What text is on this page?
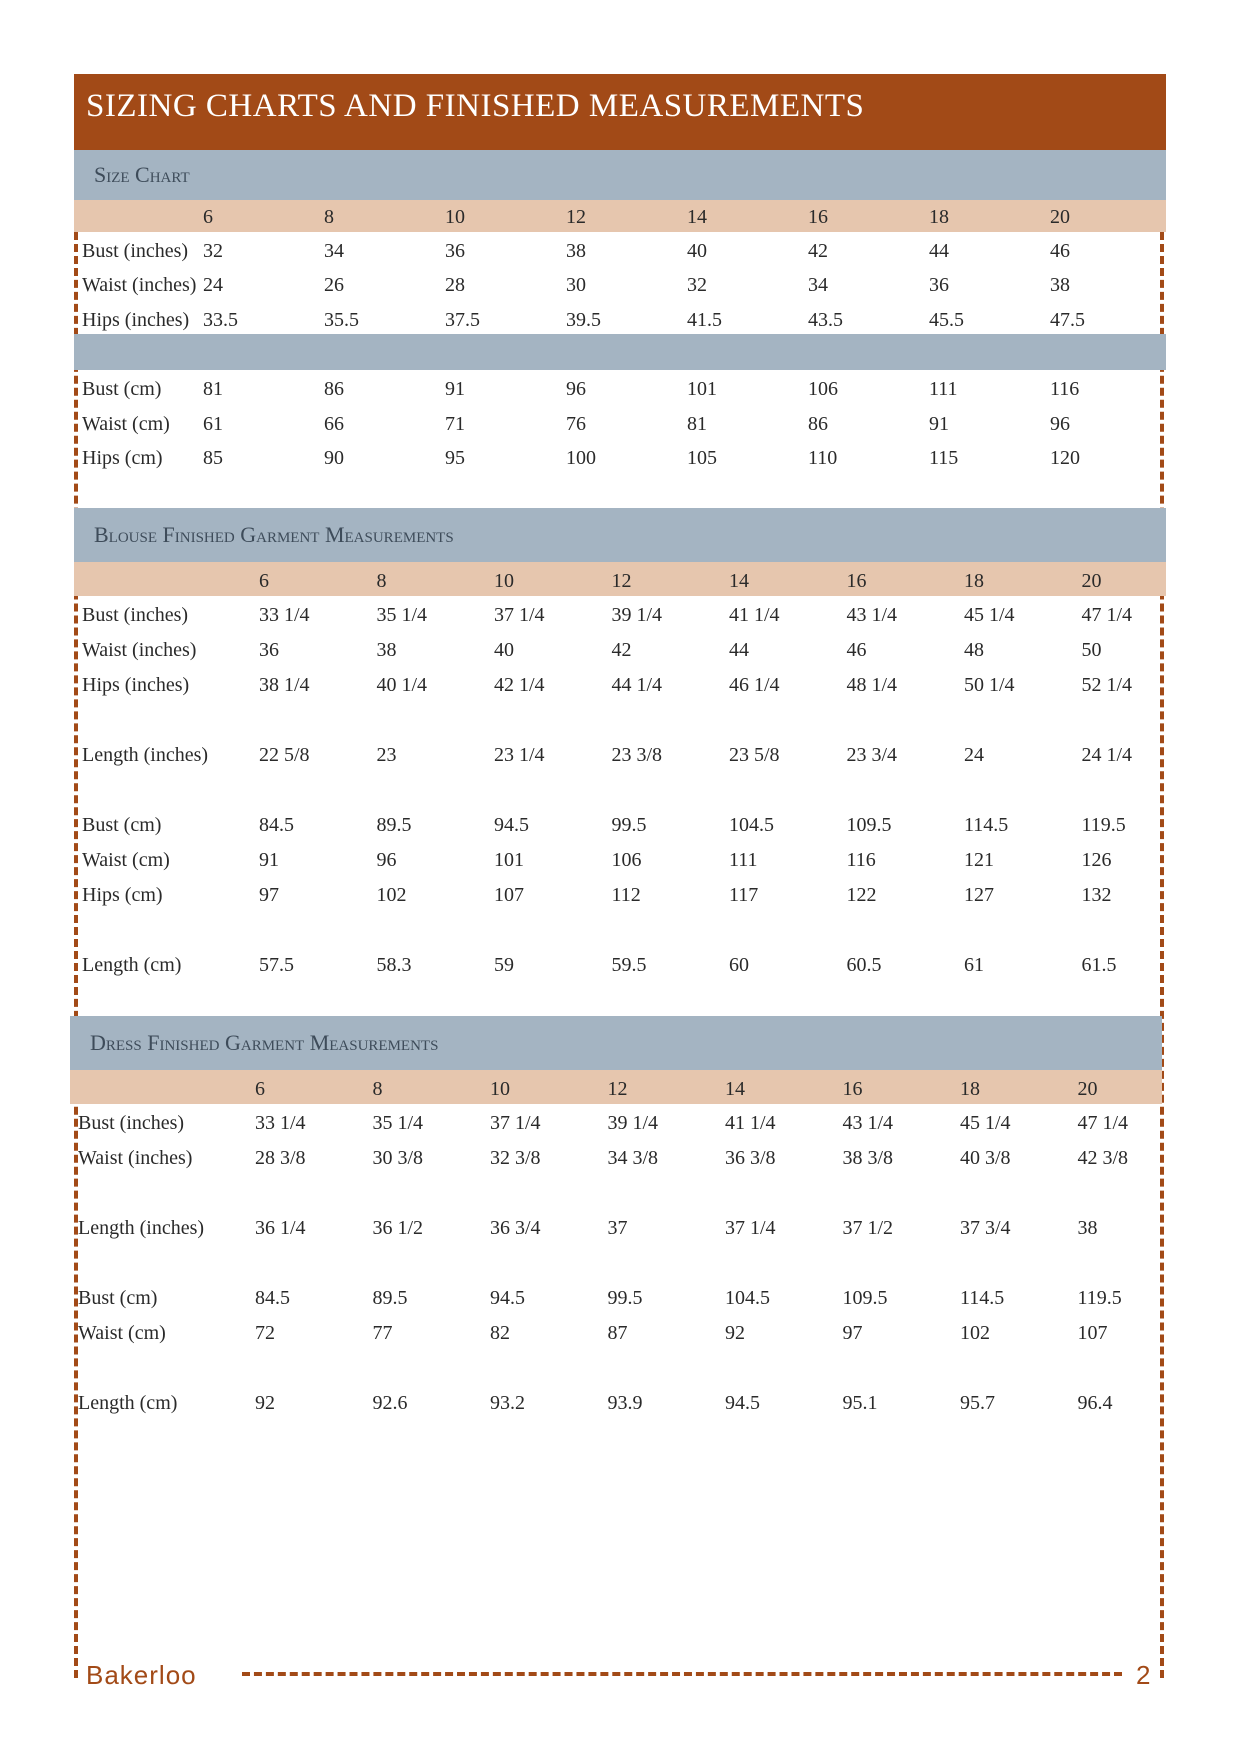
SIZING CHARTS AND FINISHED MEASUREMENTS
Size Chart
6	8	10	12	14	16	18	20
Bust (inches) 32	34	36	38	40	42	44	46
Waist (inches) 24	26	28	30	32	34	36	38
Hips (inches) 33.5	35.5	37.5	39.5	41.5	43.5	45.5	47.5
Bust (cm) 81	86	91	96	101	106	111	116
Waist (cm) 61	66	71	76	81	86	91	96
Hips (cm) 85	90	95	100	105	110	115	120
Blouse Finished Garment Measurements
6	8	10	12	14	16	18	20
Bust (inches)	33 1/4	35 1/4	37 1/4	39 1/4	41 1/4	43 1/4	45 1/4	47 1/4
Waist (inches)	36	38	40	42	44	46	48	50
Hips (inches)	38 1/4	40 1/4	42 1/4	44 1/4	46 1/4	48 1/4	50 1/4	52 1/4
Length (inches)	22 5/8	23	23 1/4	23 3/8	23 5/8	23 3/4	24	24 1/4
Bust (cm)	84.5	89.5	94.5	99.5	104.5	109.5	114.5	119.5
Waist (cm)	91	96	101	106	111	116	121	126
Hips (cm)	97	102	107	112	117	122	127	132
Length (cm)	57.5	58.3	59	59.5	60	60.5	61	61.5
Dress Finished Garment Measurements
6	8	10	12	14	16	18	20
Bust (inches)	33 1/4	35 1/4	37 1/4	39 1/4	41 1/4	43 1/4	45 1/4	47 1/4
Waist (inches)	28 3/8	30 3/8	32 3/8	34 3/8	36 3/8	38 3/8	40 3/8	42 3/8
Length (inches)	36 1/4	36 1/2	36 3/4	37	37 1/4	37 1/2	37 3/4	38
Bust (cm)	84.5	89.5	94.5	99.5	104.5	109.5	114.5	119.5
Waist (cm)	72	77	82	87	92	97	102	107
Length (cm)	92	92.6	93.2	93.9	94.5	95.1	95.7	96.4
Bakerloo	2
